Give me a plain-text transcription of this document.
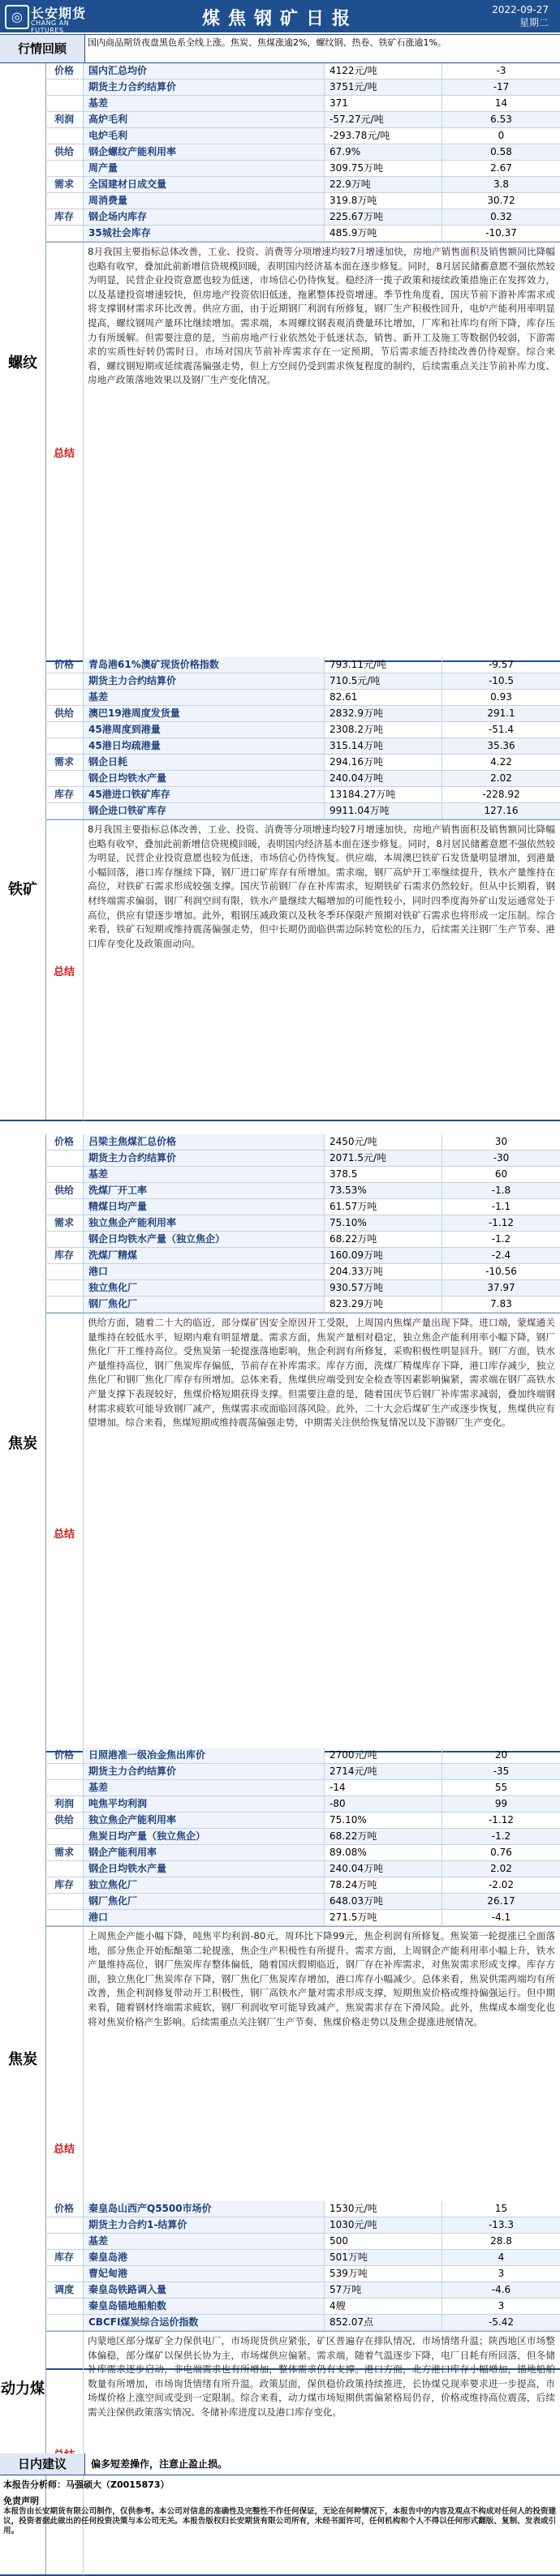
◎ 长安期货
CHANG AN FUTURES
煤焦钢矿日报	2022-09-27
星期二
行情回顾	国内商品期货夜盘黑色系全线上涨。焦炭、焦煤涨逾2%，螺纹钢、热卷、铁矿石涨逾1%。
螺纹
价格	国内汇总均价	4122元/吨	-3
期货主力合约结算价	3751元/吨	-17
基差	371	14
利润	高炉毛利	-57.27元/吨	6.53
电炉毛利	-293.78元/吨	0
供给	钢企螺纹产能利用率	67.9%	0.58
周产量	309.75万吨	2.67
需求	全国建材日成交量	22.9万吨	3.8
周消费量	319.8万吨	30.72
库存	钢企场内库存	225.67万吨	0.32
35城社会库存	485.9万吨	-10.37
总结
8月我国主要指标总体改善，工业、投资、消费等分项增速均较7月增速加快，房地产销售面积及销售额同比降幅也略有收窄，叠加此前新增信贷规模回暖，表明国内经济基本面在逐步修复。同时，8月居民储蓄意愿不强依然较为明显，民营企业投资意愿也较为低迷，市场信心仍待恢复。稳经济一揽子政策和接续政策措施正在发挥效力，以及基建投资增速较快，但房地产投资依旧低迷，拖累整体投资增速。季节性角度看，国庆节前下游补库需求或将支撑钢材需求环比改善。供应方面，由于近期钢厂利润有所修复，钢厂生产积极性回升，电炉产能利用率明显提高，螺纹钢周产量环比继续增加。需求端，本周螺纹钢表观消费量环比增加，厂库和社库均有所下降，库存压力有所缓解。但需要注意的是，当前房地产行业依然处于低迷状态，销售、新开工及施工等数据仍较弱，下游需求的实质性好转仍需时日。市场对国庆节前补库需求存在一定预期，节后需求能否持续改善仍待观察。综合来看，螺纹钢短期或延续震荡偏强走势，但上方空间仍受到需求恢复程度的制约，后续需重点关注节前补库力度、房地产政策落地效果以及钢厂生产变化情况。
铁矿
价格	青岛港61%澳矿现货价格指数	793.11元/吨	-9.57
期货主力合约结算价	710.5元/吨	-10.5
基差	82.61	0.93
供给	澳巴19港周度发货量	2832.9万吨	291.1
45港周度到港量	2308.2万吨	-51.4
45港日均疏港量	315.14万吨	35.36
需求	钢企日耗	294.16万吨	4.22
钢企日均铁水产量	240.04万吨	2.02
库存	45港进口铁矿库存	13184.27万吨	-228.92
钢企进口铁矿库存	9911.04万吨	127.16
总结
8月我国主要指标总体改善，工业、投资、消费等分项增速均较7月增速加快，房地产销售面积及销售额同比降幅也略有收窄，叠加此前新增信贷规模回暖，表明国内经济基本面在逐步修复。同时，8月居民储蓄意愿不强依然较为明显，民营企业投资意愿也较为低迷，市场信心仍待恢复。供应端，本周澳巴铁矿石发货量明显增加，到港量小幅回落，港口库存继续下降，钢厂进口矿库存有所增加。需求端，钢厂高炉开工率继续提升，铁水产量维持在高位，对铁矿石需求形成较强支撑。国庆节前钢厂存在补库需求，短期铁矿石需求仍然较好。但从中长期看，钢材终端需求偏弱，钢厂利润空间有限，铁水产量继续大幅增加的可能性较小，同时四季度海外矿山发运通常处于高位，供应有望逐步增加。此外，粗钢压减政策以及秋冬季环保限产预期对铁矿石需求也将形成一定压制。综合来看，铁矿石短期或维持震荡偏强走势，但中长期仍面临供需边际转宽松的压力，后续需关注钢厂生产节奏、港口库存变化及政策面动向。
焦炭
价格	吕梁主焦煤汇总价格	2450元/吨	30
期货主力合约结算价	2071.5元/吨	-30
基差	378.5	60
供给	洗煤厂开工率	73.53%	-1.8
精煤日均产量	61.57万吨	-1.1
需求	独立焦企产能利用率	75.10%	-1.12
钢企日均铁水产量（独立焦企）	68.22万吨	-1.2
库存	洗煤厂精煤	160.09万吨	-2.4
港口	204.33万吨	-10.56
独立焦化厂	930.57万吨	37.97
钢厂焦化厂	823.29万吨	7.83
总结
供给方面，随着二十大的临近，部分煤矿因安全原因开工受限，上周国内焦煤产量出现下降。进口端，蒙煤通关量维持在较低水平，短期内难有明显增量。需求方面，焦炭产量相对稳定，独立焦企产能利用率小幅下降，钢厂焦化厂开工维持高位。受焦炭第一轮提涨落地影响，焦企利润有所修复，采购积极性明显回升。钢厂方面，铁水产量维持高位，钢厂焦炭库存偏低，节前存在补库需求。库存方面，洗煤厂精煤库存下降，港口库存减少，独立焦化厂和钢厂焦化厂库存有所增加。总体来看，焦煤供应端受到安全检查等因素影响偏紧，需求端在钢厂高铁水产量支撑下表现较好，焦煤价格短期获得支撑。但需要注意的是，随着国庆节后钢厂补库需求减弱，叠加终端钢材需求疲软可能导致钢厂减产，焦煤需求或面临回落风险。此外，二十大会后煤矿生产或逐步恢复，焦煤供应有望增加。综合来看，焦煤短期或维持震荡偏强走势，中期需关注供给恢复情况以及下游钢厂生产变化。
焦炭
价格	日照港准一级冶金焦出库价	2700元/吨	20
期货主力合约结算价	2714元/吨	-35
基差	-14	55
利润	吨焦平均利润	-80	99
供给	独立焦企产能利用率	75.10%	-1.12
焦炭日均产量（独立焦企）	68.22万吨	-1.2
需求	钢企产能利用率	89.08%	0.76
钢企日均铁水产量	240.04万吨	2.02
库存	独立焦化厂	78.24万吨	-2.02
钢厂焦化厂	648.03万吨	26.17
港口	271.5万吨	-4.1
总结
上周焦企产能小幅下降，吨焦平均利润-80元，周环比下降99元，焦企利润有所修复。焦炭第一轮提涨已全面落地，部分焦企开始酝酿第二轮提涨，焦企生产积极性有所提升。需求方面，上周钢企产能利用率小幅上升，铁水产量维持高位，钢厂焦炭库存整体偏低，随着国庆假期临近，钢厂存在补库需求，对焦炭需求形成支撑。库存方面，独立焦化厂焦炭库存下降，钢厂焦化厂焦炭库存增加，港口库存小幅减少。总体来看，焦炭供需两端均有所改善，焦企利润修复带动开工积极性，钢厂高铁水产量对需求形成支撑，短期焦炭价格或维持偏强运行。但中期来看，随着钢材终端需求疲软，钢厂利润收窄可能导致减产，焦炭需求存在下滑风险。此外，焦煤成本端变化也将对焦炭价格产生影响。后续需重点关注钢厂生产节奏、焦煤价格走势以及焦企提涨进展情况。
动力煤
价格	秦皇岛山西产Q5500市场价	1530元/吨	15
期货主力合约1-结算价	1030元/吨	-13.3
基差	500	28.8
库存	秦皇岛港	501万吨	4
曹妃甸港	539万吨	3
调度	秦皇岛铁路调入量	57万吨	-4.6
秦皇岛锚地船舶数	4艘	3
CBCFI煤炭综合运价指数	852.07点	-5.42
内蒙地区部分煤矿全力保供电厂，市场现货供应紧张，矿区普遍存在排队情况，市场情绪升温；陕西地区市场整体偏稳，部分煤矿以保供长协为主，市场煤供应偏紧。需求端，随着气温逐步下降，电厂日耗有所回落，但冬储补库需求逐步启动，非电端需求也有所增加，整体需求仍有支撑。港口方面，北方港口库存小幅增加，锚地船舶数量有所增加，市场询货情绪有所升温。政策层面，保供稳价政策持续推进，长协煤兑现率要求进一步提高，市场煤价格上涨空间或受到一定限制。综合来看，动力煤市场短期供需偏紧格局仍存，价格或维持高位震荡，后续需关注保供政策落实情况、冬储补库进度以及港口库存变化。
日内建议	偏多短差操作，注意止盈止损。
本报告分析师：马强硕大（Z0015873）
免责声明
本报告由长安期货有限公司制作，仅供参考。本公司对信息的准确性及完整性不作任何保证，无论在何种情况下，本报告中的内容及观点不构成对任何人的投资建议，投资者据此做出的任何投资决策与本公司无关。本报告版权归长安期货有限公司所有，未经书面许可，任何机构和个人不得以任何形式翻版、复制、发表或引用。
